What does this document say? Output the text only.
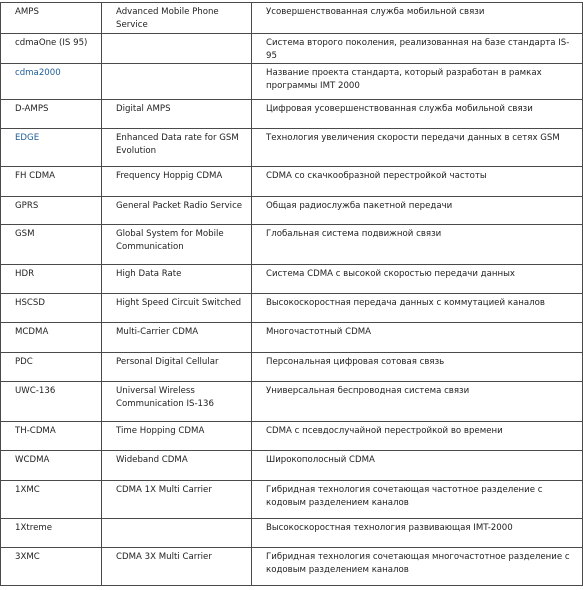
AMPS	Advanced Mobile Phone Service	Усовершенствованная служба мобильной связи
cdmaOne (IS 95)		Система второго поколения, реализованная на базе стандарта IS-95
cdma2000		Название проекта стандарта, который разработан в рамках программы IMT 2000
D-AMPS	Digital AMPS	Цифровая усовершенствованная служба мобильной связи
EDGE	Enhanced Data rate for GSM Evolution	Технология увеличения скорости передачи данных в сетях GSM
FH CDMA	Frequency Hoppig CDMA	CDMA со скачкообразной перестройкой частоты
GPRS	General Packet Radio Service	Общая радиослужба пакетной передачи
GSM	Global System for Mobile Communication	Глобальная система подвижной связи
HDR	High Data Rate	Система CDMA с высокой скоростью передачи данных
HSCSD	Hight Speed Circuit Switched	Высокоскоростная передача данных с коммутацией каналов
MCDMA	Multi-Carrier CDMA	Многочастотный CDMA
PDC	Personal Digital Cellular	Персональная цифровая сотовая связь
UWC-136	Universal Wireless Communication IS-136	Универсальная беспроводная система связи
TH-CDMA	Time Hopping CDMA	CDMA с псевдослучайной перестройкой во времени
WCDMA	Wideband CDMA	Широкополосный CDMA
1XMC	CDMA 1X Multi Carrier	Гибридная технология сочетающая частотное разделение с кодовым разделением каналов
1Xtreme		Высокоскоростная технология развивающая IMT-2000
3XMC	CDMA 3X Multi Carrier	Гибридная технология сочетающая многочастотное разделение с кодовым разделением каналов
